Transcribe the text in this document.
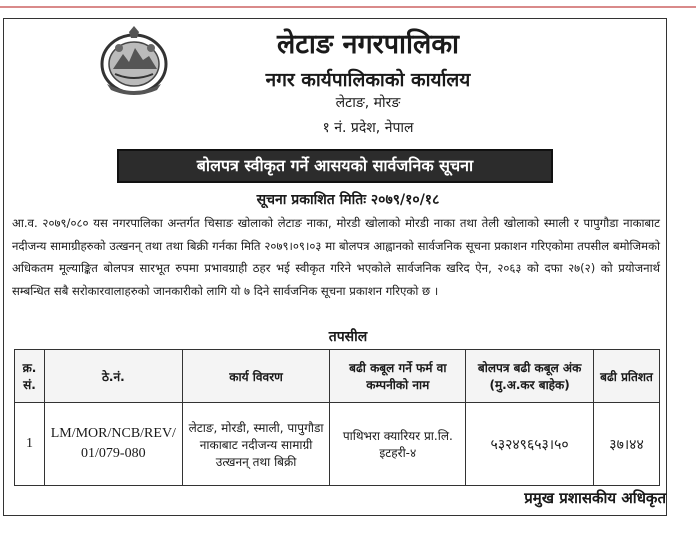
लेटाङ नगरपालिका
नगर कार्यपालिकाको कार्यालय
लेटाङ, मोरङ
१ नं. प्रदेश, नेपाल
बोलपत्र स्वीकृत गर्ने आसयको सार्वजनिक सूचना
सूचना प्रकाशित मितिः २०७९/१०/१८
आ.व. २०७९/०८० यस नगरपालिका अन्तर्गत चिसाङ खोलाको लेटाङ नाका, मोरडी खोलाको मोरडी नाका तथा तेली खोलाको स्माली र पापुगौडा नाकाबाट नदीजन्य सामाग्रीहरुको उत्खनन् तथा तथा बिक्री गर्नका मिति २०७९।०९।०३ मा बोलपत्र आह्वानको सार्वजनिक सूचना प्रकाशन गरिएकोमा तपसील बमोजिमको अधिकतम मूल्याङ्कित बोलपत्र सारभूत रुपमा प्रभावग्राही ठहर भई स्वीकृत गरिने भएकोले सार्वजनिक खरिद ऐन, २०६३ को दफा २७(२) को प्रयोजनार्थ सम्बन्धित सबै सरोकारवालाहरुको जानकारीको लागि यो ७ दिने सार्वजनिक सूचना प्रकाशन गरिएको छ ।
तपसील
क्र. सं.	ठे.नं.	कार्य विवरण	बढी कबूल गर्ने फर्म वा कम्पनीको नाम	बोलपत्र बढी कबूल अंक (मु.अ.कर बाहेक)	बढी प्रतिशत
1	LM/MOR/NCB/REV/01/079-080	लेटाङ, मोरडी, स्माली, पापुगौडा नाकाबाट नदीजन्य सामाग्री उत्खनन् तथा बिक्री	पाथिभरा क्यारियर प्रा.लि. इटहरी-४	५३२४९६५३।५०	३७।४४
प्रमुख प्रशासकीय अधिकृत
